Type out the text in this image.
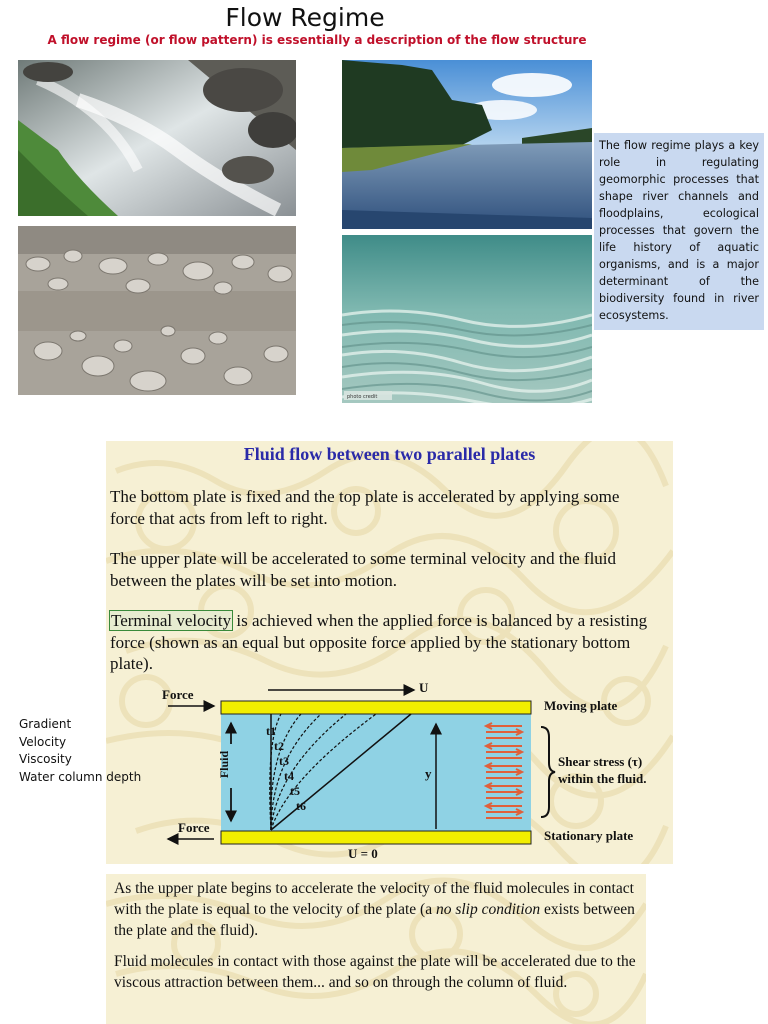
Flow Regime
A flow regime (or flow pattern) is essentially a description of the flow structure
photo credit
The flow regime plays a key role in regulating geomorphic processes that shape river channels and floodplains, ecological processes that govern the life history of aquatic organisms, and is a major determinant of the biodiversity found in river ecosystems.
Fluid flow between two parallel plates
The bottom plate is fixed and the top plate is accelerated by applying some force that acts from left to right.
The upper plate will be accelerated to some terminal velocity and the fluid between the plates will be set into motion.
Terminal velocity is achieved when the applied force is balanced by a resisting force (shown as an equal but opposite force applied by the stationary bottom plate).
Force
Force
U
U = 0
Moving plate
Stationary plate
Fluid	y
Shear stress (τ)
within the fluid.
t1
t2
t3
t4
t5
t6
Gradient
Velocity
Viscosity
Water column depth
As the upper plate begins to accelerate the velocity of the fluid molecules in contact with the plate is equal to the velocity of the plate (a no slip condition exists between the plate and the fluid).
Fluid molecules in contact with those against the plate will be accelerated due to the viscous attraction between them... and so on through the column of fluid.
